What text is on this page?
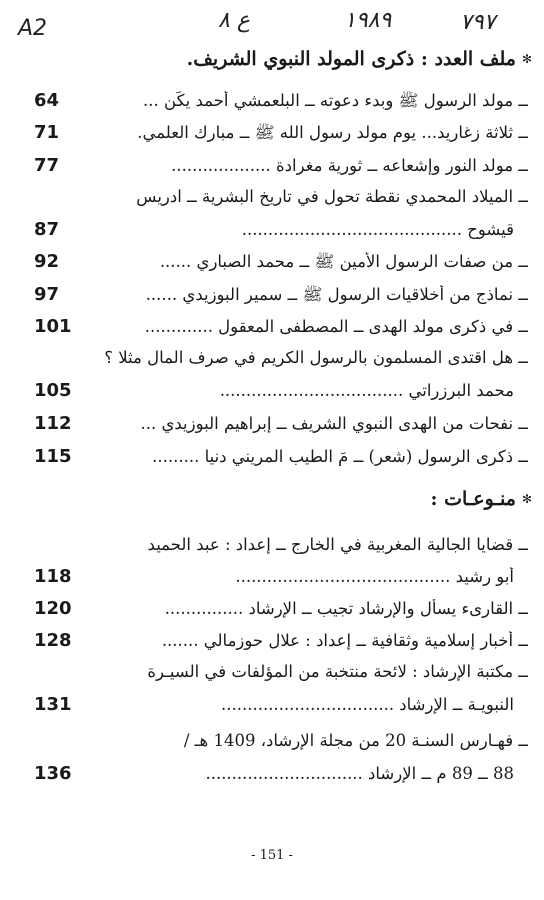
A2	ع ٨	١٩٨٩	٧٩٧
✻
ملف العدد : ذكرى المولد النبوي الشريف.
✻
منـوعـات :
64	ــ مولد الرسول ﷺ وبدء دعوته ــ البلعمشي أحمد يكَن ...
71	ــ ثلاثة زغاريد... يوم مولد رسول الله ﷺ ــ مبارك العلمي.
77	ــ مولد النور وإشعاعه ــ ثورية مغرادة ...................
ــ الميلاد المحمدي نقطة تحول في تاريخ البشرية ــ ادريس
87	قيشوح ..........................................
92	ــ من صفات الرسول الأمين ﷺ ــ محمد الصباري ......
97	ــ نماذج من أخلاقيات الرسول ﷺ ــ سمير البوزيدي ......
101	ــ في ذكرى مولد الهدى ــ المصطفى المعقول .............
ــ هل اقتدى المسلمون بالرسول الكريم في صرف المال مثلا ؟
105	محمد البرزراتي ...................................
112	ــ نفحات من الهدى النبوي الشريف ــ إبراهيم البوزيدي ...
115	ــ ذكرى الرسول (شعر) ــ مَ الطيب المريني دنيا .........
ــ قضايا الجالية المغربية في الخارج ــ إعداد : عبد الحميد
118	أبو رشيد .........................................
120	ــ القارىء يسأل والإرشاد تجيب ــ الإرشاد ...............
128	ــ أخبار إسلامية وثقافية ــ إعداد : علال حوزمالي .......
ــ مكتبة الإرشاد : لائحة منتخبة من المؤلفات في السيـرة
131	النبويـة ــ الإرشاد .................................
ــ فهـارس السنـة 20 من مجلة الإرشاد، 1409 هـ /
136	88 ــ 89 م ــ الإرشاد ..............................
- 151 -
